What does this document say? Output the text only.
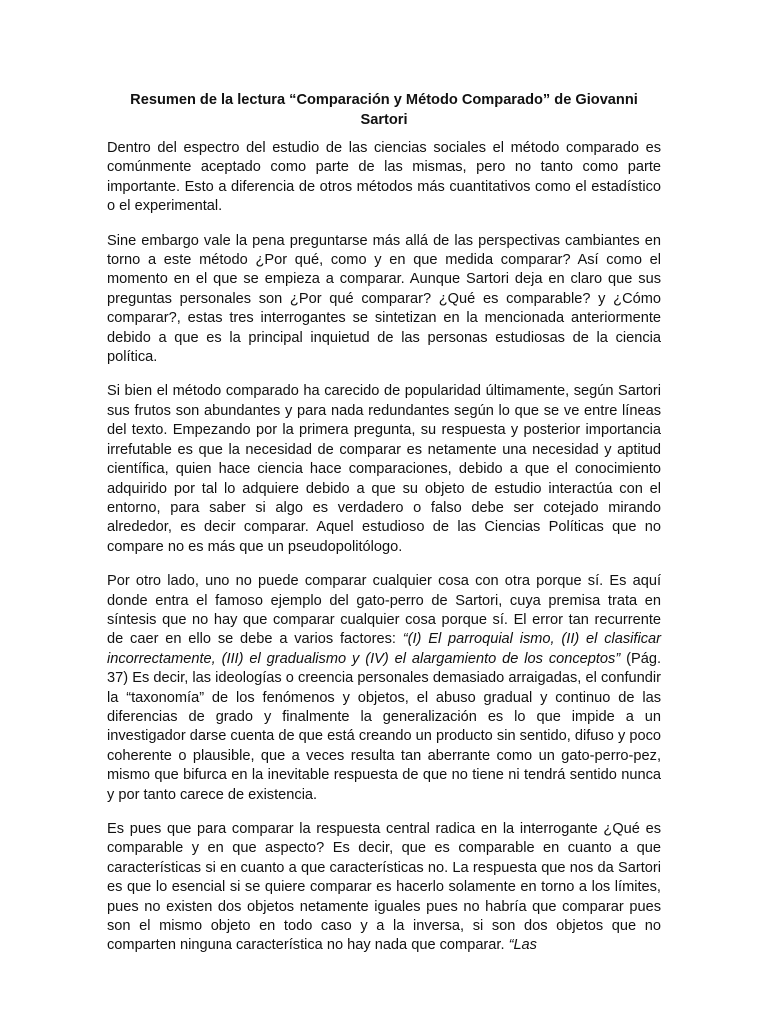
Resumen de la lectura “Comparación y Método Comparado” de Giovanni Sartori

Dentro del espectro del estudio de las ciencias sociales el método comparado es comúnmente aceptado como parte de las mismas, pero no tanto como parte importante. Esto a diferencia de otros métodos más cuantitativos como el estadístico o el experimental.

Sine embargo vale la pena preguntarse más allá de las perspectivas cambiantes en torno a este método ¿Por qué, como y en que medida comparar? Así como el momento en el que se empieza a comparar. Aunque Sartori deja en claro que sus preguntas personales son ¿Por qué comparar? ¿Qué es comparable? y ¿Cómo comparar?, estas tres interrogantes se sintetizan en la mencionada anteriormente debido a que es la principal inquietud de las personas estudiosas de la ciencia política.

Si bien el método comparado ha carecido de popularidad últimamente, según Sartori sus frutos son abundantes y para nada redundantes según lo que se ve entre líneas del texto. Empezando por la primera pregunta, su respuesta y posterior importancia irrefutable es que la necesidad de comparar es netamente una necesidad y aptitud científica, quien hace ciencia hace comparaciones, debido a que el conocimiento adquirido por tal lo adquiere debido a que su objeto de estudio interactúa con el entorno, para saber si algo es verdadero o falso debe ser cotejado mirando alrededor, es decir comparar. Aquel estudioso de las Ciencias Políticas que no compare no es más que un pseudopolitólogo.

Por otro lado, uno no puede comparar cualquier cosa con otra porque sí. Es aquí donde entra el famoso ejemplo del gato-perro de Sartori, cuya premisa trata en síntesis que no hay que comparar cualquier cosa porque sí. El error tan recurrente de caer en ello se debe a varios factores: “(I) El parroquial ismo, (II) el clasificar incorrectamente, (III) el gradualismo y (IV) el alargamiento de los conceptos” (Pág. 37) Es decir, las ideologías o creencia personales demasiado arraigadas, el confundir la “taxonomía” de los fenómenos y objetos, el abuso gradual y continuo de las diferencias de grado y finalmente la generalización es lo que impide a un investigador darse cuenta de que está creando un producto sin sentido, difuso y poco coherente o plausible, que a veces resulta tan aberrante como un gato-perro-pez, mismo que bifurca en la inevitable respuesta de que no tiene ni tendrá sentido nunca y por tanto carece de existencia.

Es pues que para comparar la respuesta central radica en la interrogante ¿Qué es comparable y en que aspecto? Es decir, que es comparable en cuanto a que características si en cuanto a que características no. La respuesta que nos da Sartori es que lo esencial si se quiere comparar es hacerlo solamente en torno a los límites, pues no existen dos objetos netamente iguales pues no habría que comparar pues son el mismo objeto en todo caso y a la inversa, si son dos objetos que no comparten ninguna característica no hay nada que comparar. “Las
